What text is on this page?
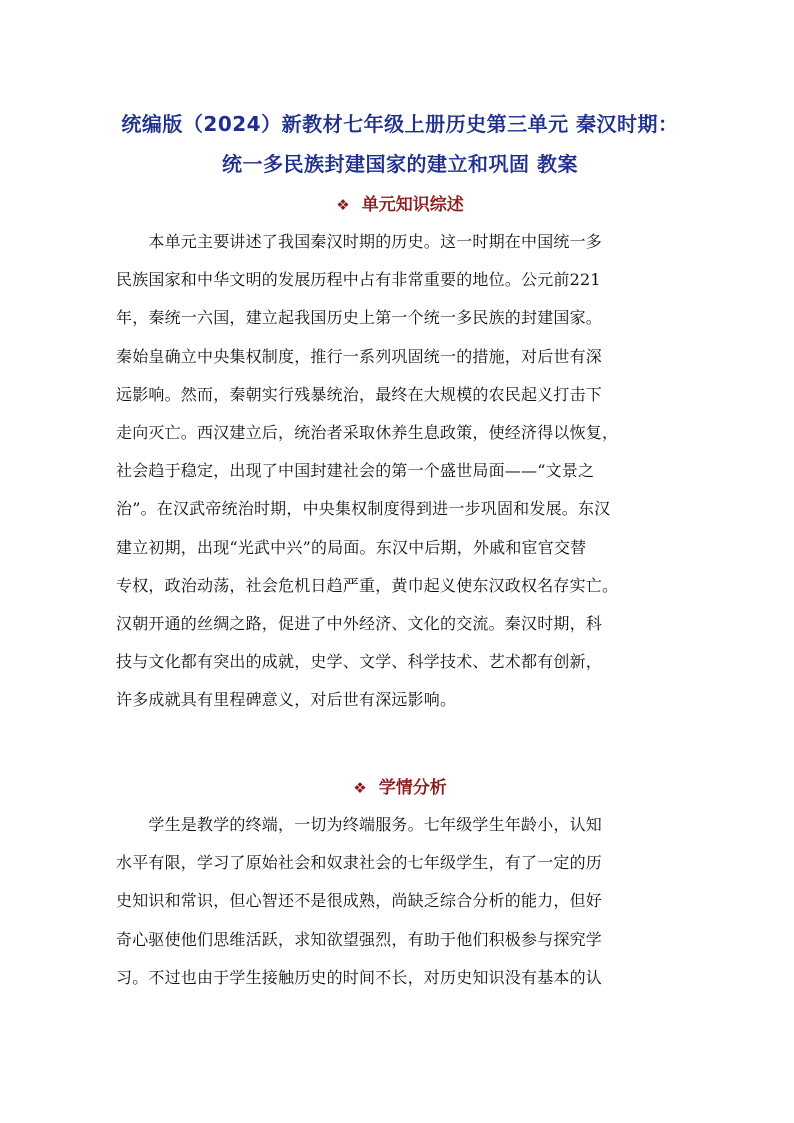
统编版（2024）新教材七年级上册历史第三单元 秦汉时期：
统一多民族封建国家的建立和巩固 教案
❖ 单元知识综述
　　本单元主要讲述了我国秦汉时期的历史。这一时期在中国统一多
民族国家和中华文明的发展历程中占有非常重要的地位。公元前221
年，秦统一六国，建立起我国历史上第一个统一多民族的封建国家。
秦始皇确立中央集权制度，推行一系列巩固统一的措施，对后世有深
远影响。然而，秦朝实行残暴统治，最终在大规模的农民起义打击下
走向灭亡。西汉建立后，统治者采取休养生息政策，使经济得以恢复，
社会趋于稳定，出现了中国封建社会的第一个盛世局面——“文景之
治”。在汉武帝统治时期，中央集权制度得到进一步巩固和发展。东汉
建立初期，出现“光武中兴”的局面。东汉中后期，外戚和宦官交替
专权，政治动荡，社会危机日趋严重，黄巾起义使东汉政权名存实亡。
汉朝开通的丝绸之路，促进了中外经济、文化的交流。秦汉时期，科
技与文化都有突出的成就，史学、文学、科学技术、艺术都有创新，
许多成就具有里程碑意义，对后世有深远影响。
❖ 学情分析
　　学生是教学的终端，一切为终端服务。七年级学生年龄小，认知
水平有限，学习了原始社会和奴隶社会的七年级学生，有了一定的历
史知识和常识，但心智还不是很成熟，尚缺乏综合分析的能力，但好
奇心驱使他们思维活跃，求知欲望强烈，有助于他们积极参与探究学
习。不过也由于学生接触历史的时间不长，对历史知识没有基本的认
